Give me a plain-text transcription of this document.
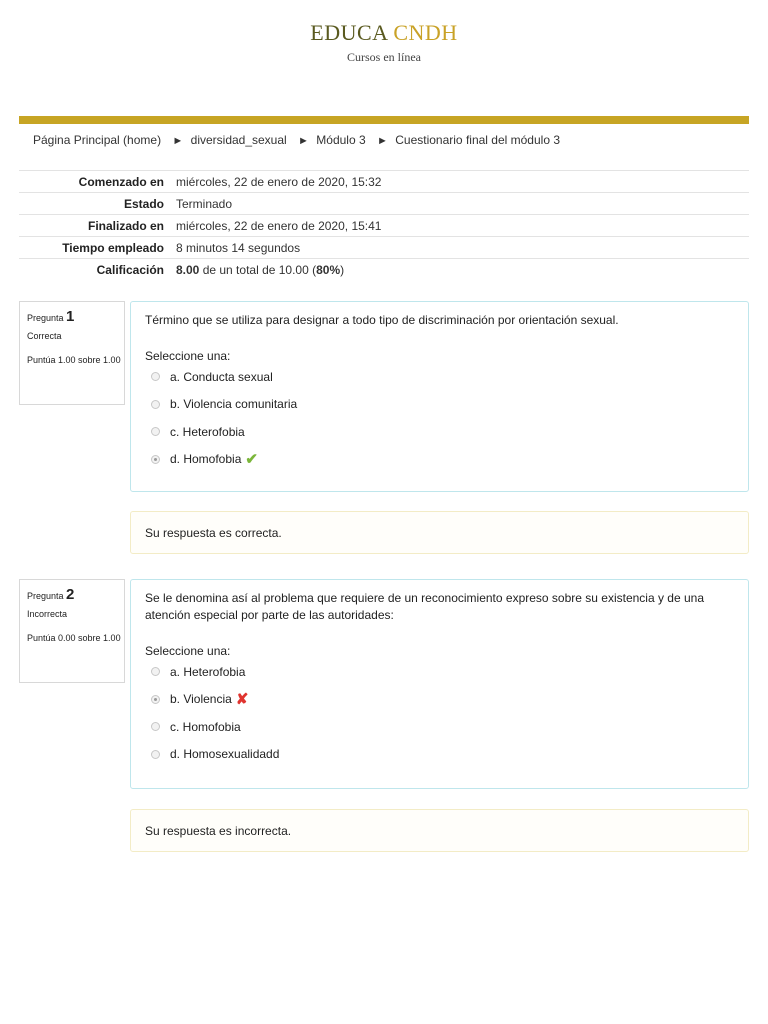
EDUCA CNDH
Cursos en línea
Página Principal (home) ► diversidad_sexual ► Módulo 3 ► Cuestionario final del módulo 3
Comenzado en	miércoles, 22 de enero de 2020, 15:32
Estado	Terminado
Finalizado en	miércoles, 22 de enero de 2020, 15:41
Tiempo empleado	8 minutos 14 segundos
Calificación	8.00 de un total de 10.00 (80%)
Pregunta 1
Correcta
Puntúa 1.00 sobre 1.00
Término que se utiliza para designar a todo tipo de discriminación por orientación sexual.
Seleccione una:
a. Conducta sexual
b. Violencia comunitaria
c. Heterofobia
d. Homofobia ✔
Su respuesta es correcta.
Pregunta 2
Incorrecta
Puntúa 0.00 sobre 1.00
Se le denomina así al problema que requiere de un reconocimiento expreso sobre su existencia y de una atención especial por parte de las autoridades:
Seleccione una:
a. Heterofobia
b. Violencia ✘
c. Homofobia
d. Homosexualidadd
Su respuesta es incorrecta.
